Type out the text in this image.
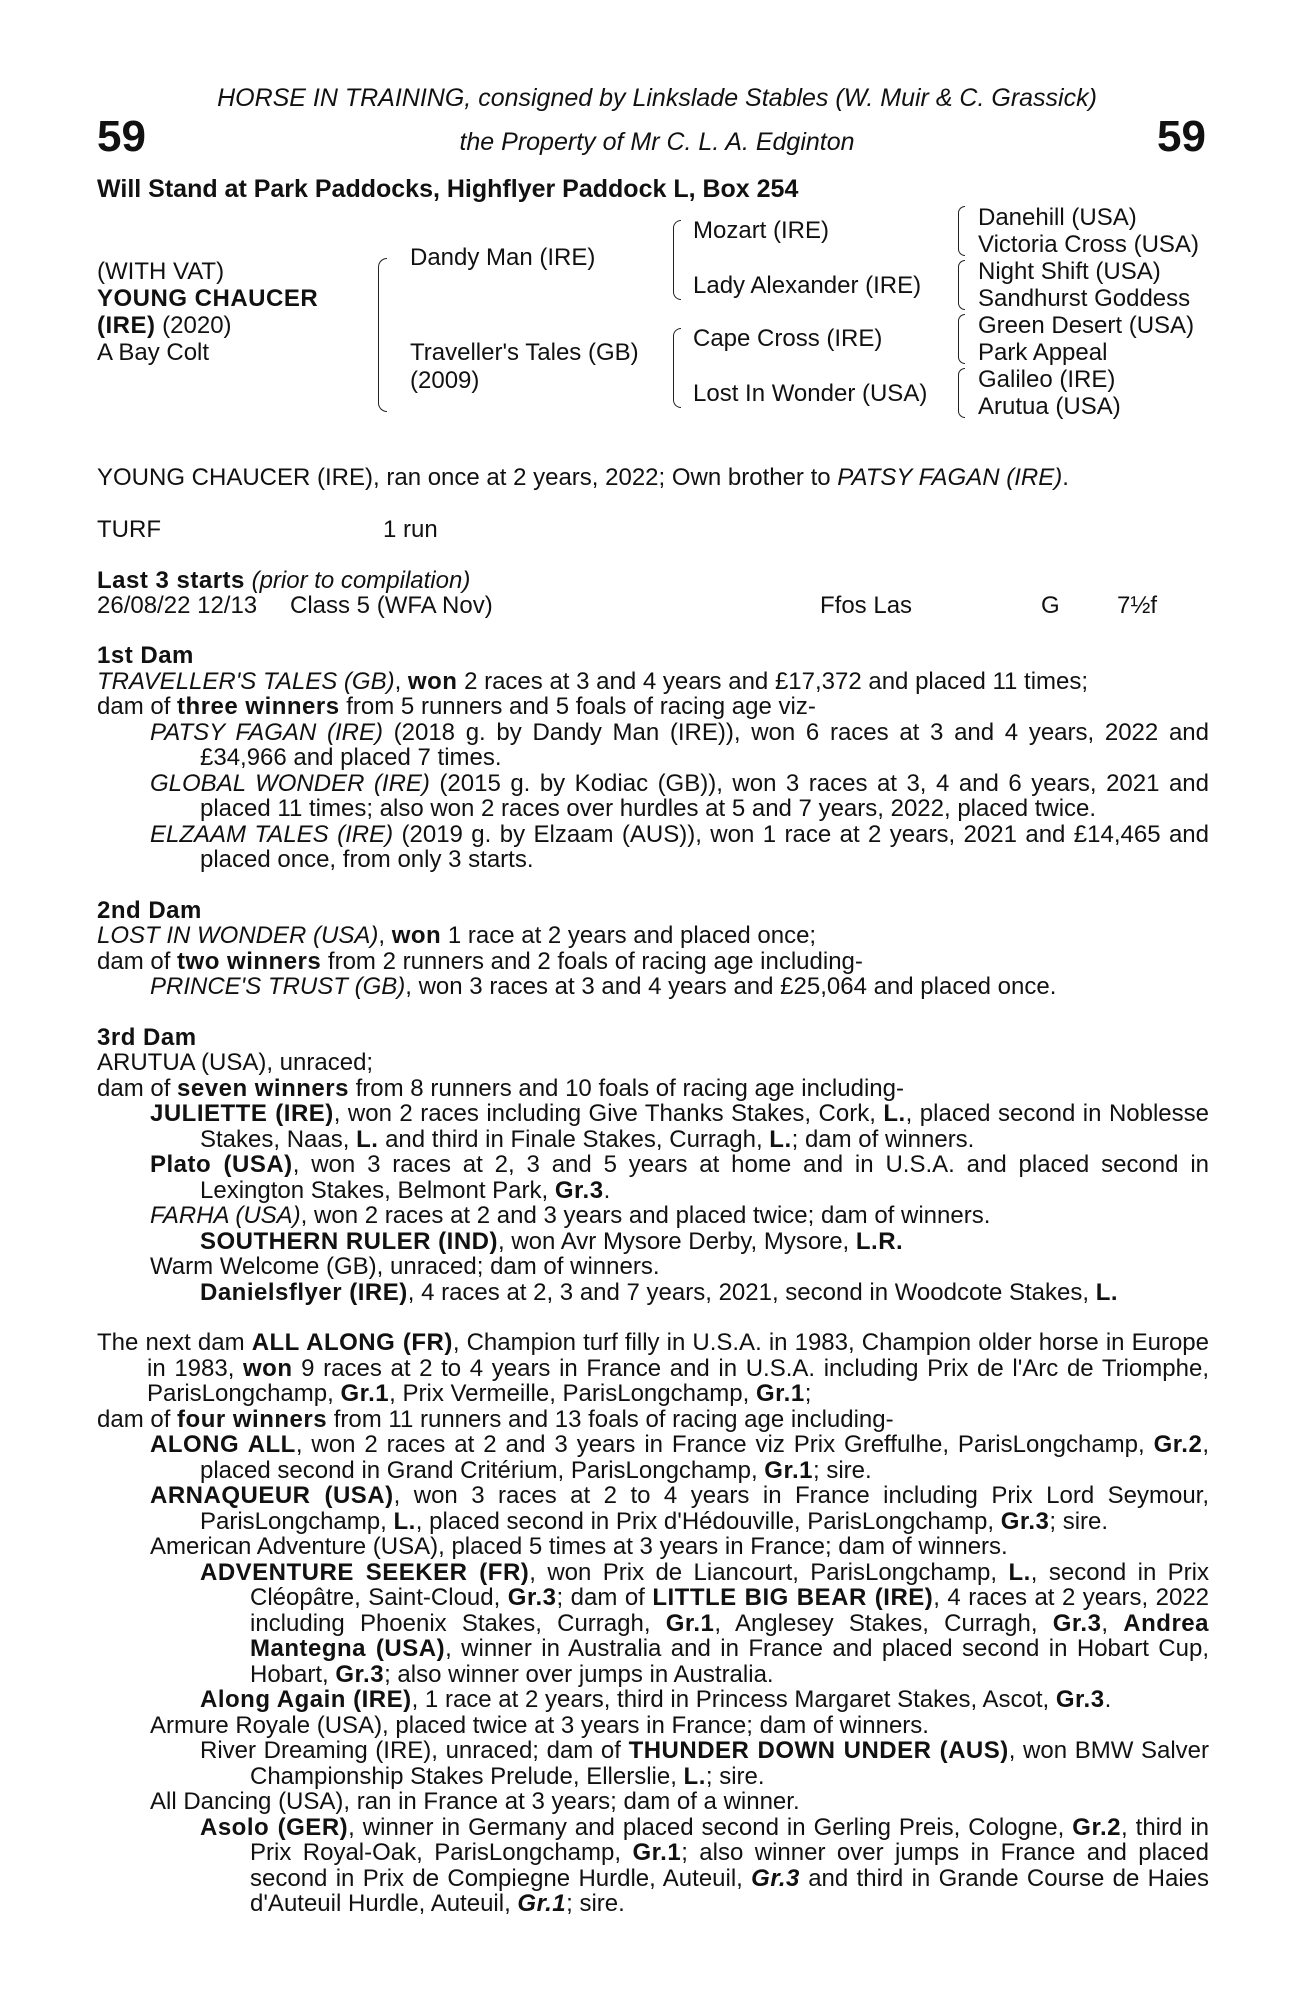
59	59
HORSE IN TRAINING, consigned by Linkslade Stables (W. Muir & C. Grassick)
the Property of Mr C. L. A. Edginton
Will Stand at Park Paddocks, Highflyer Paddock L, Box 254
(WITH VAT)
YOUNG CHAUCER
(IRE) (2020)
A Bay Colt
Dandy Man (IRE)
Traveller's Tales (GB)
(2009)
Mozart (IRE)
Lady Alexander (IRE)
Cape Cross (IRE)
Lost In Wonder (USA)
Danehill (USA)
Victoria Cross (USA)
Night Shift (USA)
Sandhurst Goddess
Green Desert (USA)
Park Appeal
Galileo (IRE)
Arutua (USA)

YOUNG CHAUCER (IRE), ran once at 2 years, 2022; Own brother to PATSY FAGAN (IRE).

TURF	1 run
Last 3 starts (prior to compilation)
26/08/22 12/13 Class 5 (WFA Nov)	Ffos Las	G 7½f

1st Dam

TRAVELLER'S TALES (GB), won 2 races at 3 and 4 years and £17,372 and placed 11 times;

dam of three winners from 5 runners and 5 foals of racing age viz-

PATSY FAGAN (IRE) (2018 g. by Dandy Man (IRE)), won 6 races at 3 and 4 years, 2022 and £34,966 and placed 7 times.

GLOBAL WONDER (IRE) (2015 g. by Kodiac (GB)), won 3 races at 3, 4 and 6 years, 2021 and placed 11 times; also won 2 races over hurdles at 5 and 7 years, 2022, placed twice.

ELZAAM TALES (IRE) (2019 g. by Elzaam (AUS)), won 1 race at 2 years, 2021 and £14,465 and placed once, from only 3 starts.

2nd Dam

LOST IN WONDER (USA), won 1 race at 2 years and placed once;

dam of two winners from 2 runners and 2 foals of racing age including-

PRINCE'S TRUST (GB), won 3 races at 3 and 4 years and £25,064 and placed once.

3rd Dam

ARUTUA (USA), unraced;

dam of seven winners from 8 runners and 10 foals of racing age including-

JULIETTE (IRE), won 2 races including Give Thanks Stakes, Cork, L., placed second in Noblesse Stakes, Naas, L. and third in Finale Stakes, Curragh, L.; dam of winners.

Plato (USA), won 3 races at 2, 3 and 5 years at home and in U.S.A. and placed second in Lexington Stakes, Belmont Park, Gr.3.

FARHA (USA), won 2 races at 2 and 3 years and placed twice; dam of winners.

SOUTHERN RULER (IND), won Avr Mysore Derby, Mysore, L.R.

Warm Welcome (GB), unraced; dam of winners.

Danielsflyer (IRE), 4 races at 2, 3 and 7 years, 2021, second in Woodcote Stakes, L.

The next dam ALL ALONG (FR), Champion turf filly in U.S.A. in 1983, Champion older horse in Europe in 1983, won 9 races at 2 to 4 years in France and in U.S.A. including Prix de l'Arc de Triomphe, ParisLongchamp, Gr.1, Prix Vermeille, ParisLongchamp, Gr.1;

dam of four winners from 11 runners and 13 foals of racing age including-

ALONG ALL, won 2 races at 2 and 3 years in France viz Prix Greffulhe, ParisLongchamp, Gr.2, placed second in Grand Critérium, ParisLongchamp, Gr.1; sire.

ARNAQUEUR (USA), won 3 races at 2 to 4 years in France including Prix Lord Seymour, ParisLongchamp, L., placed second in Prix d'Hédouville, ParisLongchamp, Gr.3; sire.

American Adventure (USA), placed 5 times at 3 years in France; dam of winners.

ADVENTURE SEEKER (FR), won Prix de Liancourt, ParisLongchamp, L., second in Prix Cléopâtre, Saint-Cloud, Gr.3; dam of LITTLE BIG BEAR (IRE), 4 races at 2 years, 2022 including Phoenix Stakes, Curragh, Gr.1, Anglesey Stakes, Curragh, Gr.3, Andrea Mantegna (USA), winner in Australia and in France and placed second in Hobart Cup, Hobart, Gr.3; also winner over jumps in Australia.

Along Again (IRE), 1 race at 2 years, third in Princess Margaret Stakes, Ascot, Gr.3.

Armure Royale (USA), placed twice at 3 years in France; dam of winners.

River Dreaming (IRE), unraced; dam of THUNDER DOWN UNDER (AUS), won BMW Salver Championship Stakes Prelude, Ellerslie, L.; sire.

All Dancing (USA), ran in France at 3 years; dam of a winner.

Asolo (GER), winner in Germany and placed second in Gerling Preis, Cologne, Gr.2, third in Prix Royal-Oak, ParisLongchamp, Gr.1; also winner over jumps in France and placed second in Prix de Compiegne Hurdle, Auteuil, Gr.3 and third in Grande Course de Haies d'Auteuil Hurdle, Auteuil, Gr.1; sire.
